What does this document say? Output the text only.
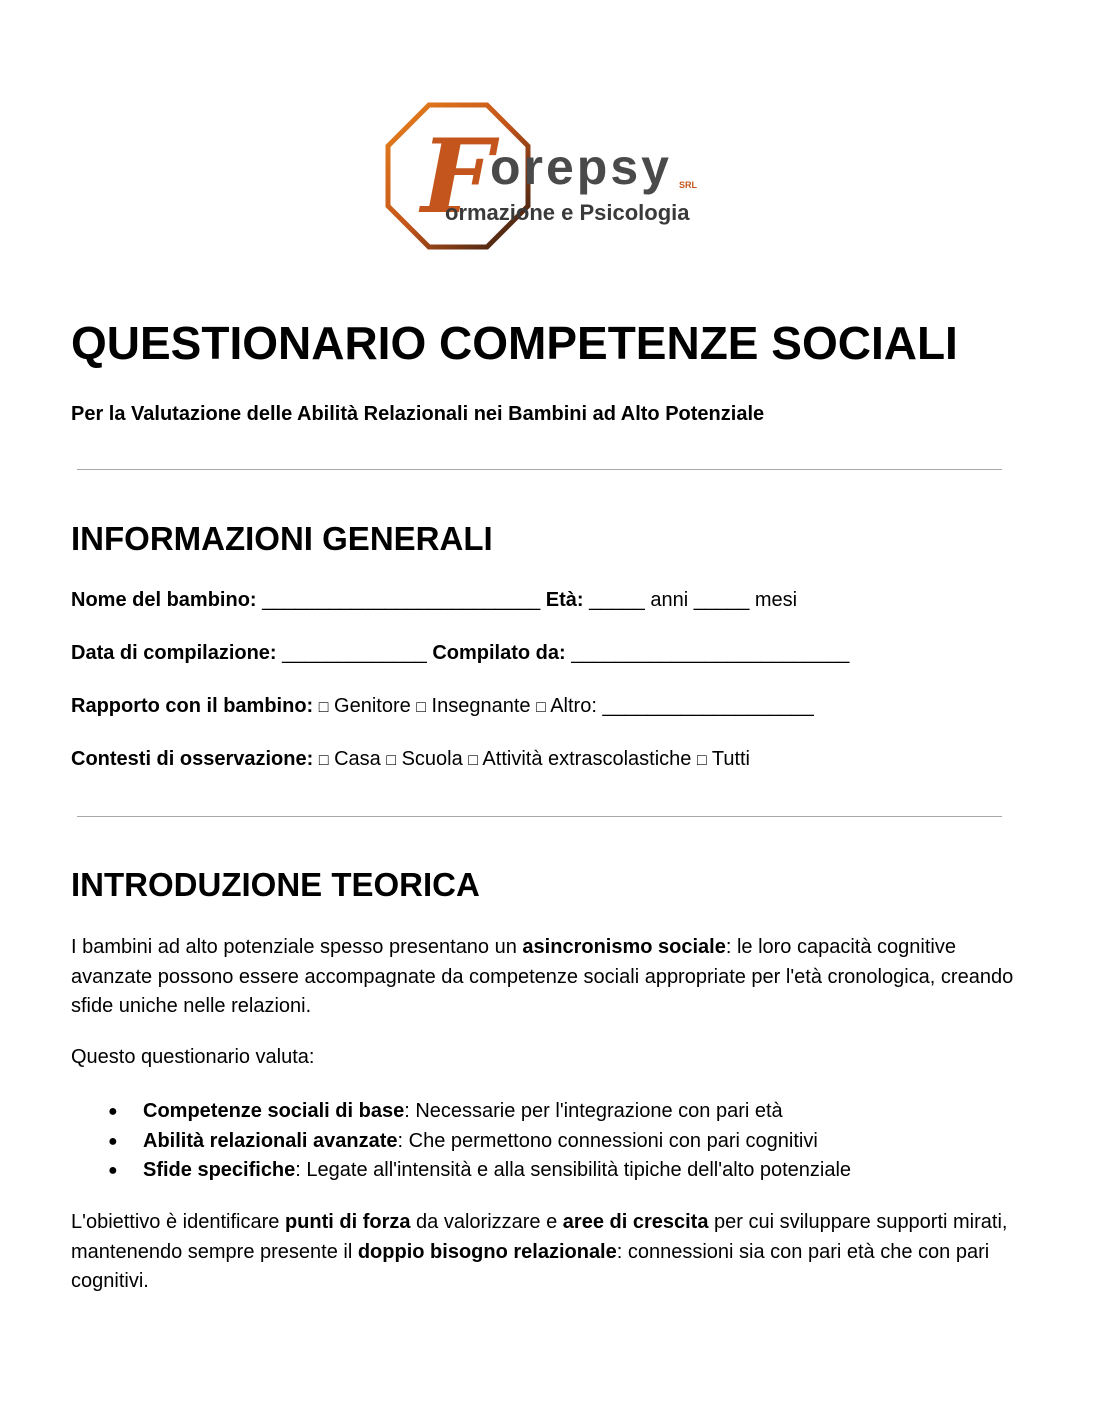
F
orepsy SRL
ormazione e Psicologia
QUESTIONARIO COMPETENZE SOCIALI

Per la Valutazione delle Abilità Relazionali nei Bambini ad Alto Potenziale

INFORMAZIONI GENERALI

Nome del bambino: _________________________ Età: _____ anni _____ mesi

Data di compilazione: _____________ Compilato da: _________________________

Rapporto con il bambino: □ Genitore □ Insegnante □ Altro: ___________________

Contesti di osservazione: □ Casa □ Scuola □ Attività extrascolastiche □ Tutti

INTRODUZIONE TEORICA

I bambini ad alto potenziale spesso presentano un asincronismo sociale: le loro capacità cognitive avanzate possono essere accompagnate da competenze sociali appropriate per l'età cronologica, creando sfide uniche nelle relazioni.

Questo questionario valuta:

● Competenze sociali di base: Necessarie per l'integrazione con pari età
● Abilità relazionali avanzate: Che permettono connessioni con pari cognitivi
● Sfide specifiche: Legate all'intensità e alla sensibilità tipiche dell'alto potenziale

L'obiettivo è identificare punti di forza da valorizzare e aree di crescita per cui sviluppare supporti mirati, mantenendo sempre presente il doppio bisogno relazionale: connessioni sia con pari età che con pari cognitivi.
